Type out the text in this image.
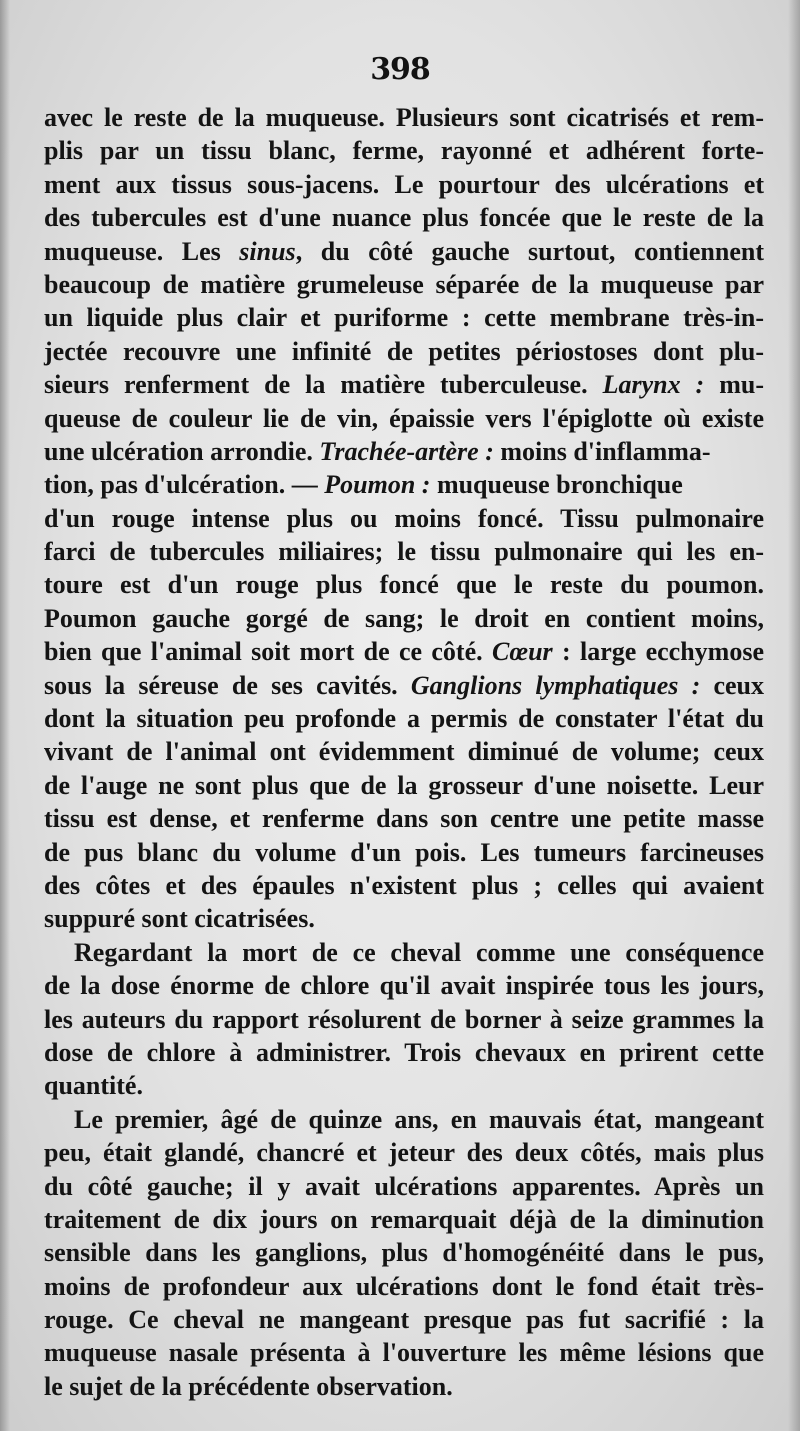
398
avec le reste de la muqueuse. Plusieurs sont cicatrisés et rem-
plis par un tissu blanc, ferme, rayonné et adhérent forte-
ment aux tissus sous-jacens. Le pourtour des ulcérations et
des tubercules est d'une nuance plus foncée que le reste de la
muqueuse. Les sinus, du côté gauche surtout, contiennent
beaucoup de matière grumeleuse séparée de la muqueuse par
un liquide plus clair et puriforme : cette membrane très-in-
jectée recouvre une infinité de petites périostoses dont plu-
sieurs renferment de la matière tuberculeuse. Larynx : mu-
queuse de couleur lie de vin, épaissie vers l'épiglotte où existe
une ulcération arrondie. Trachée-artère : moins d'inflamma-
tion, pas d'ulcération. — Poumon : muqueuse bronchique
d'un rouge intense plus ou moins foncé. Tissu pulmonaire
farci de tubercules miliaires; le tissu pulmonaire qui les en-
toure est d'un rouge plus foncé que le reste du poumon.
Poumon gauche gorgé de sang; le droit en contient moins,
bien que l'animal soit mort de ce côté. Cœur : large ecchymose
sous la séreuse de ses cavités. Ganglions lymphatiques : ceux
dont la situation peu profonde a permis de constater l'état du
vivant de l'animal ont évidemment diminué de volume; ceux
de l'auge ne sont plus que de la grosseur d'une noisette. Leur
tissu est dense, et renferme dans son centre une petite masse
de pus blanc du volume d'un pois. Les tumeurs farcineuses
des côtes et des épaules n'existent plus ; celles qui avaient
suppuré sont cicatrisées.
Regardant la mort de ce cheval comme une conséquence
de la dose énorme de chlore qu'il avait inspirée tous les jours,
les auteurs du rapport résolurent de borner à seize grammes la
dose de chlore à administrer. Trois chevaux en prirent cette
quantité.
Le premier, âgé de quinze ans, en mauvais état, mangeant
peu, était glandé, chancré et jeteur des deux côtés, mais plus
du côté gauche; il y avait ulcérations apparentes. Après un
traitement de dix jours on remarquait déjà de la diminution
sensible dans les ganglions, plus d'homogénéité dans le pus,
moins de profondeur aux ulcérations dont le fond était très-
rouge. Ce cheval ne mangeant presque pas fut sacrifié : la
muqueuse nasale présenta à l'ouverture les même lésions que
le sujet de la précédente observation.
